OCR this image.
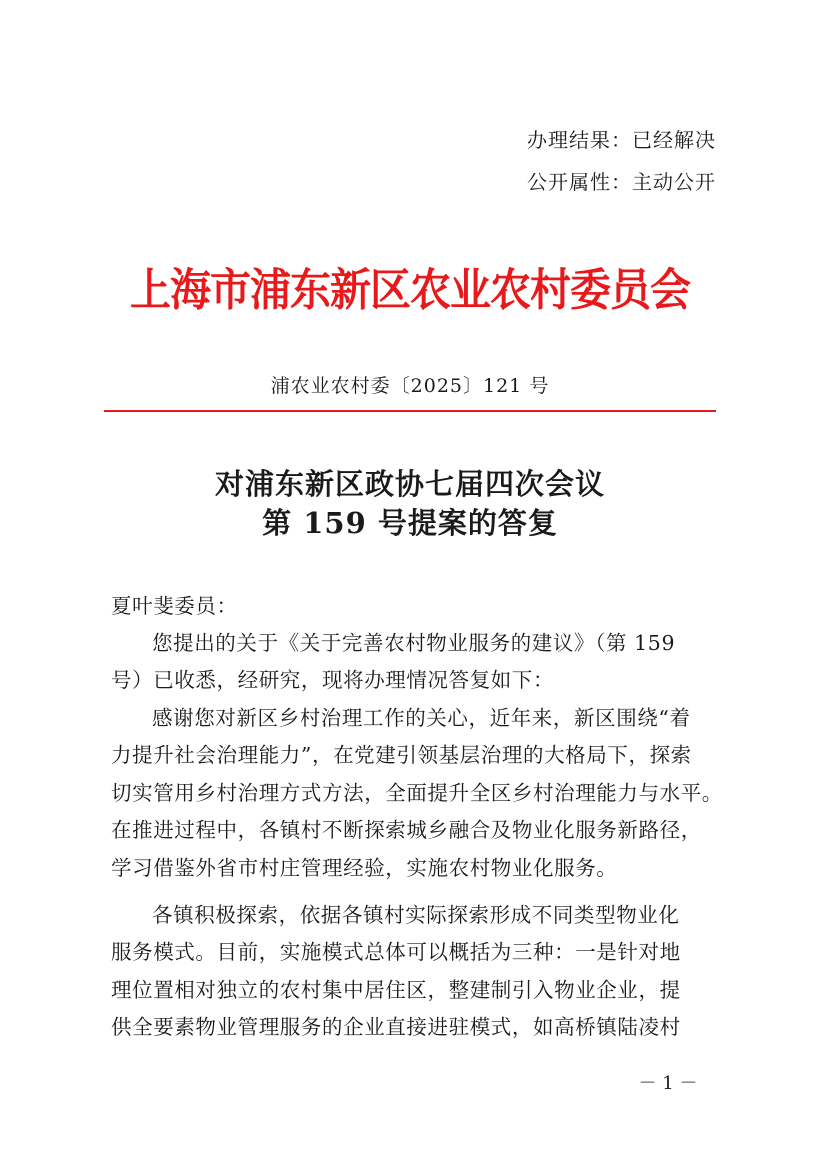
办理结果：已经解决
公开属性：主动公开
上海市浦东新区农业农村委员会
浦农业农村委〔2025〕121 号
对浦东新区政协七届四次会议
第 159 号提案的答复
夏叶斐委员：
您提出的关于《关于完善农村物业服务的建议》（第 159
号）已收悉，经研究，现将办理情况答复如下：
感谢您对新区乡村治理工作的关心，近年来，新区围绕“着
力提升社会治理能力”，在党建引领基层治理的大格局下，探索
切实管用乡村治理方式方法，全面提升全区乡村治理能力与水平。
在推进过程中，各镇村不断探索城乡融合及物业化服务新路径，
学习借鉴外省市村庄管理经验，实施农村物业化服务。
各镇积极探索，依据各镇村实际探索形成不同类型物业化
服务模式。目前，实施模式总体可以概括为三种：一是针对地
理位置相对独立的农村集中居住区，整建制引入物业企业，提
供全要素物业管理服务的企业直接进驻模式，如高桥镇陆凌村
－ 1 －
